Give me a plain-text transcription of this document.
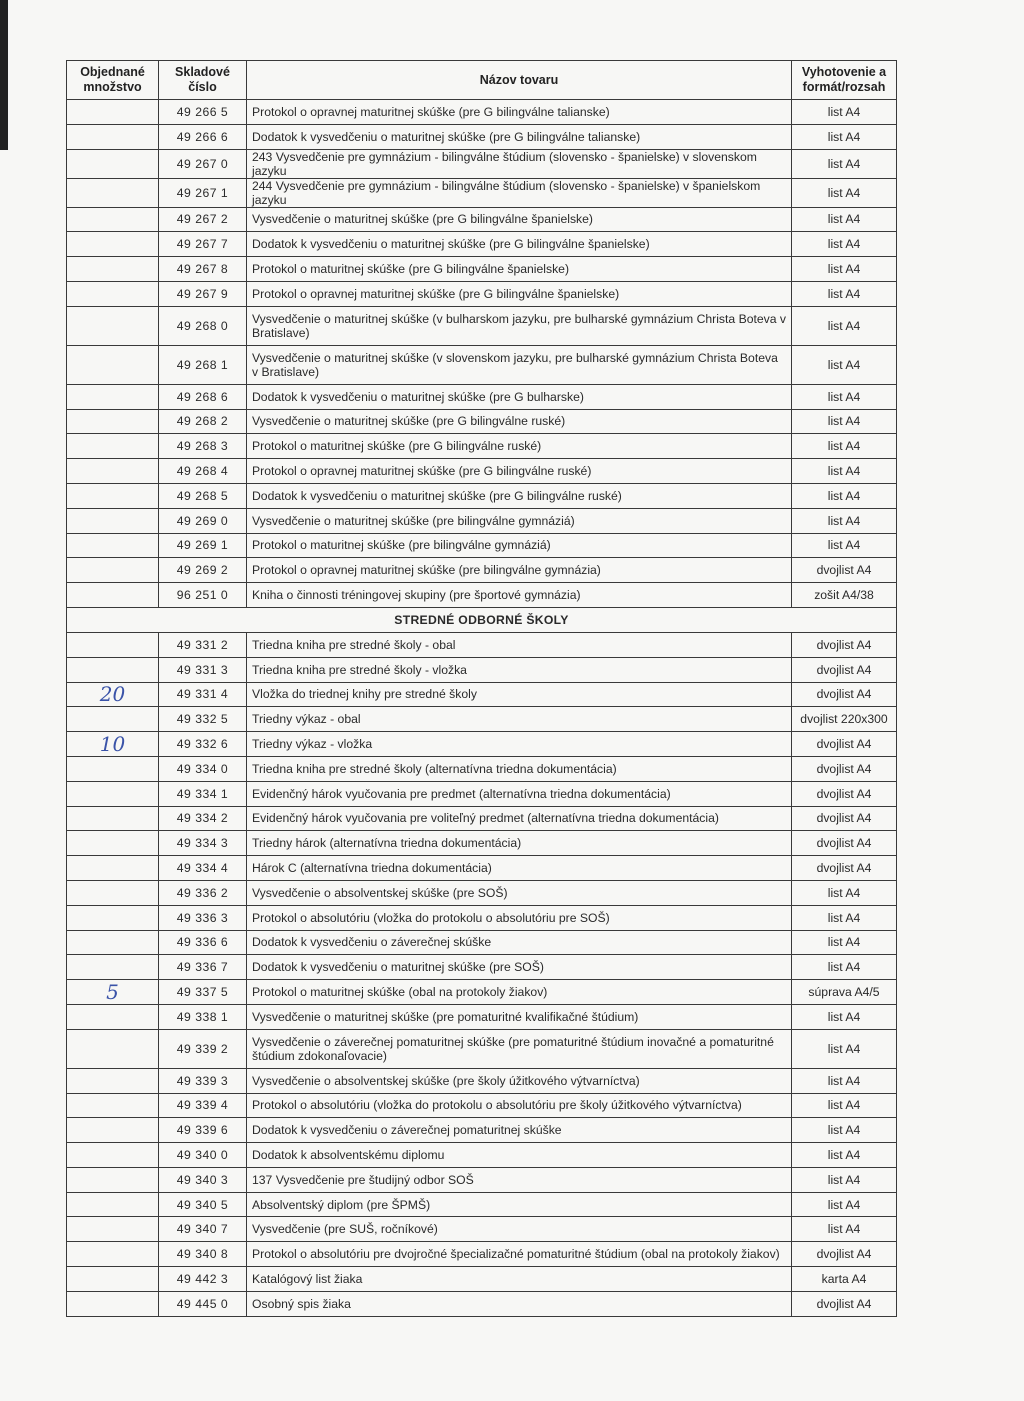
Objednané množstvo	Skladové číslo	Názov tovaru	Vyhotovenie a formát/rozsah

	49 266 5	Protokol o opravnej maturitnej skúške (pre G bilingválne talianske)	list A4

	49 266 6	Dodatok k vysvedčeniu o maturitnej skúške (pre G bilingválne talianske)	list A4

	49 267 0	243 Vysvedčenie pre gymnázium - bilingválne štúdium (slovensko - španielske) v slovenskom jazyku	list A4

	49 267 1	244 Vysvedčenie pre gymnázium - bilingválne štúdium (slovensko - španielske) v španielskom jazyku	list A4

	49 267 2	Vysvedčenie o maturitnej skúške (pre G bilingválne španielske)	list A4

	49 267 7	Dodatok k vysvedčeniu o maturitnej skúške (pre G bilingválne španielske)	list A4

	49 267 8	Protokol o maturitnej skúške (pre G bilingválne španielske)	list A4

	49 267 9	Protokol o opravnej maturitnej skúške (pre G bilingválne španielske)	list A4

	49 268 0	Vysvedčenie o maturitnej skúške (v bulharskom jazyku, pre bulharské gymnázium Christa Boteva v Bratislave)	list A4

	49 268 1	Vysvedčenie o maturitnej skúške (v slovenskom jazyku, pre bulharské gymnázium Christa Boteva v Bratislave)	list A4

	49 268 6	Dodatok k vysvedčeniu o maturitnej skúške (pre G bulharske)	list A4

	49 268 2	Vysvedčenie o maturitnej skúške (pre G bilingválne ruské)	list A4

	49 268 3	Protokol o maturitnej skúške (pre G bilingválne ruské)	list A4

	49 268 4	Protokol o opravnej maturitnej skúške (pre G bilingválne ruské)	list A4

	49 268 5	Dodatok k vysvedčeniu o maturitnej skúške (pre G bilingválne ruské)	list A4

	49 269 0	Vysvedčenie o maturitnej skúške (pre bilingválne gymnáziá)	list A4

	49 269 1	Protokol o maturitnej skúške (pre bilingválne gymnáziá)	list A4

	49 269 2	Protokol o opravnej maturitnej skúške (pre bilingválne gymnázia)	dvojlist A4

	96 251 0	Kniha o činnosti tréningovej skupiny (pre športové gymnázia)	zošit A4/38
STREDNÉ ODBORNÉ ŠKOLY			

	49 331 2	Triedna kniha pre stredné školy - obal	dvojlist A4

	49 331 3	Triedna kniha pre stredné školy - vložka	dvojlist A4

20	49 331 4	Vložka do triednej knihy pre stredné školy	dvojlist A4

	49 332 5	Triedny výkaz - obal	dvojlist 220x300

10	49 332 6	Triedny výkaz - vložka	dvojlist A4

	49 334 0	Triedna kniha pre stredné školy (alternatívna triedna dokumentácia)	dvojlist A4

	49 334 1	Evidenčný hárok vyučovania pre predmet (alternatívna triedna dokumentácia)	dvojlist A4

	49 334 2	Evidenčný hárok vyučovania pre voliteľný predmet (alternatívna triedna dokumentácia)	dvojlist A4

	49 334 3	Triedny hárok (alternatívna triedna dokumentácia)	dvojlist A4

	49 334 4	Hárok C (alternatívna triedna dokumentácia)	dvojlist A4

	49 336 2	Vysvedčenie o absolventskej skúške (pre SOŠ)	list A4

	49 336 3	Protokol o absolutóriu (vložka do protokolu o absolutóriu pre SOŠ)	list A4

	49 336 6	Dodatok k vysvedčeniu o záverečnej skúške	list A4

	49 336 7	Dodatok k vysvedčeniu o maturitnej skúške (pre SOŠ)	list A4

5	49 337 5	Protokol o maturitnej skúške (obal na protokoly žiakov)	súprava A4/5

	49 338 1	Vysvedčenie o maturitnej skúške (pre pomaturitné kvalifikačné štúdium)	list A4

	49 339 2	Vysvedčenie o záverečnej pomaturitnej skúške (pre pomaturitné štúdium inovačné a pomaturitné štúdium zdokonaľovacie)	list A4

	49 339 3	Vysvedčenie o absolventskej skúške (pre školy úžitkového výtvarníctva)	list A4

	49 339 4	Protokol o absolutóriu (vložka do protokolu o absolutóriu pre školy úžitkového výtvarníctva)	list A4

	49 339 6	Dodatok k vysvedčeniu o záverečnej pomaturitnej skúške	list A4

	49 340 0	Dodatok k absolventskému diplomu	list A4

	49 340 3	137 Vysvedčenie pre študijný odbor SOŠ	list A4

	49 340 5	Absolventský diplom (pre ŠPMŠ)	list A4

	49 340 7	Vysvedčenie (pre SUŠ, ročníkové)	list A4

	49 340 8	Protokol o absolutóriu pre dvojročné špecializačné pomaturitné štúdium (obal na protokoly žiakov)	dvojlist A4

	49 442 3	Katalógový list žiaka	karta A4

	49 445 0	Osobný spis žiaka	dvojlist A4
